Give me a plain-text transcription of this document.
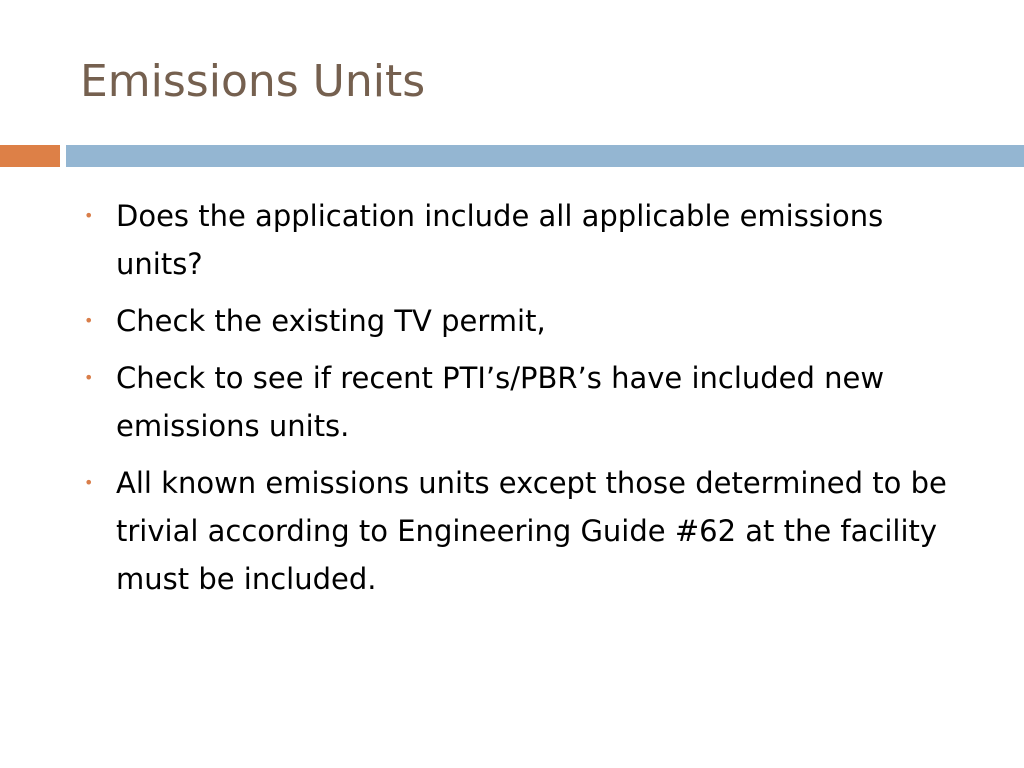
Emissions Units
• Does the application include all applicable emissions units?
• Check the existing TV permit,
• Check to see if recent PTI’s/PBR’s have included new emissions units.
• All known emissions units except those determined to be trivial according to Engineering Guide #62 at the facility must be included.
